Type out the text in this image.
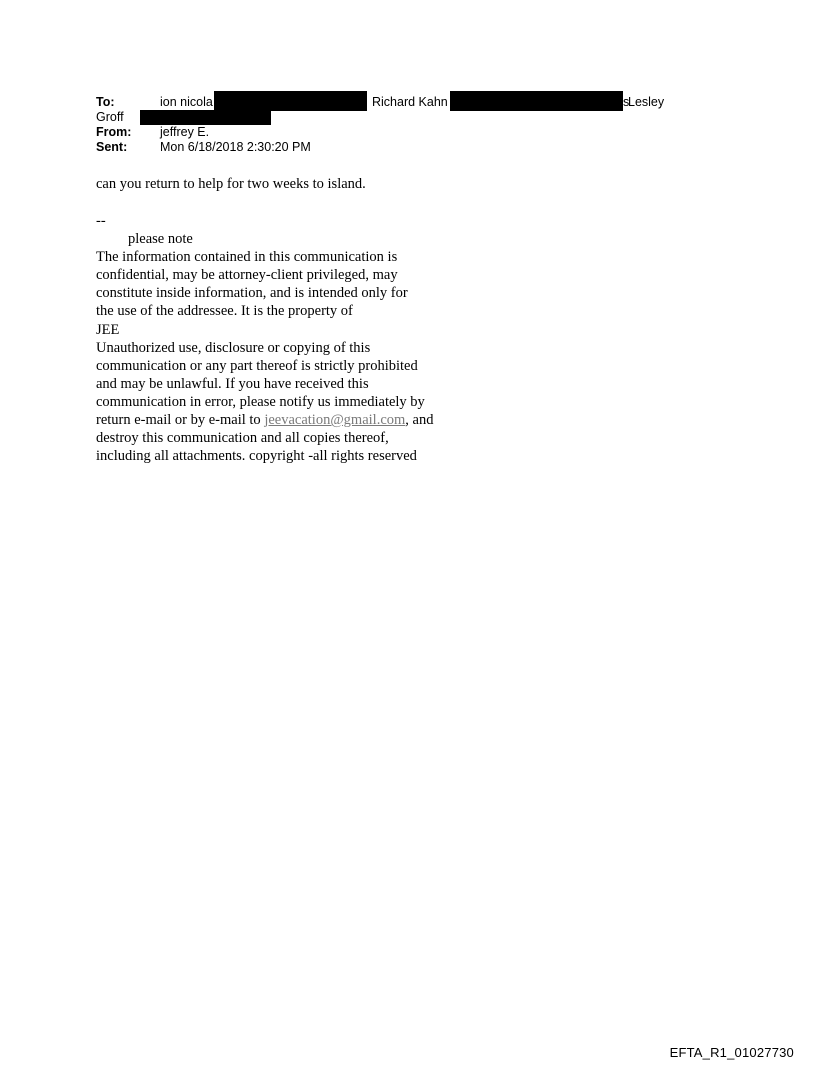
To:	ion nicola	Richard Kahn	s
Lesley
Groff
From: jeffrey E.
Sent:	Mon 6/18/2018 2:30:20 PM
can you return to help for two weeks to island.
--
please note
The information contained in this communication is
confidential, may be attorney-client privileged, may
constitute inside information, and is intended only for
the use of the addressee. It is the property of
JEE
Unauthorized use, disclosure or copying of this
communication or any part thereof is strictly prohibited
and may be unlawful. If you have received this
communication in error, please notify us immediately by
return e-mail or by e-mail to jeevacation@gmail.com, and
destroy this communication and all copies thereof,
including all attachments. copyright -all rights reserved
EFTA_R1_01027730
